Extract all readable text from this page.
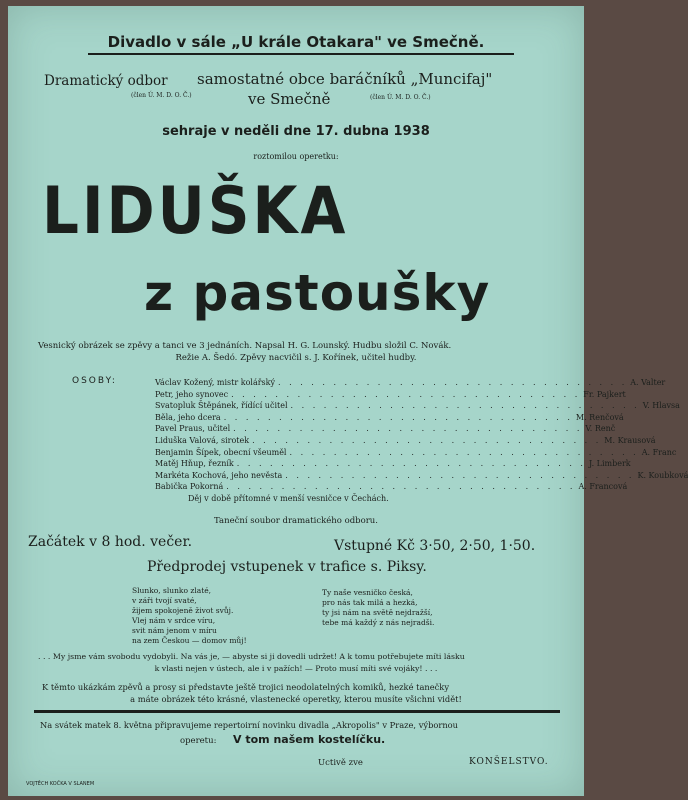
Divadlo v sále „U krále Otakara" ve Smečně.
Dramatický odbor samostatné obce baráčníků „Muncifaj"
(člen Ú. M. D. O. Č.)	ve Smečně	(člen Ú. M. D. O. Č.)
sehraje v neděli dne 17. dubna 1938
roztomilou operetku:
LIDUŠKA
z pastoušky
Vesnický obrázek se zpěvy a tanci ve 3 jednáních. Napsal H. G. Lounský. Hudbu složil C. Novák.
Režie A. Šedó. Zpěvy nacvičil s. J. Kořínek, učitel hudby.
OSOBY:	Václav Kožený, mistr kolářský . . . . . . . . . . . . . . . . . . . . . . . . . . . . . . . . A. Valter
Petr, jeho synovec . . . . . . . . . . . . . . . . . . . . . . . . . . . . . . . . Fr. Pajkert
Svatopluk Štěpánek, řídící učitel . . . . . . . . . . . . . . . . . . . . . . . . . . . . . . . . V. Hlavsa
Běla, jeho dcera . . . . . . . . . . . . . . . . . . . . . . . . . . . . . . . . M. Renčová
Pavel Praus, učitel . . . . . . . . . . . . . . . . . . . . . . . . . . . . . . . . V. Renč
Liduška Valová, sirotek . . . . . . . . . . . . . . . . . . . . . . . . . . . . . . . . M. Krausová
Benjamin Šípek, obecní všeuměl . . . . . . . . . . . . . . . . . . . . . . . . . . . . . . . . A. Franc
Matěj Hňup, řezník . . . . . . . . . . . . . . . . . . . . . . . . . . . . . . . . J. Limberk
Markéta Kochová, jeho nevěsta . . . . . . . . . . . . . . . . . . . . . . . . . . . . . . . . K. Koubková
Babička Pokorná . . . . . . . . . . . . . . . . . . . . . . . . . . . . . . . . A. Francová
Děj v době přítomné v menší vesničce v Čechách.
Taneční soubor dramatického odboru.
Začátek v 8 hod. večer.	Vstupné Kč 3·50, 2·50, 1·50.
Předprodej vstupenek v trafice s. Piksy.
Slunko, slunko zlaté,
v záři tvojí svaté,
žijem spokojeně život svůj.
Vlej nám v srdce víru,
svit nám jenom v míru
na zem Českou — domov můj!
Ty naše vesničko česká,
pro nás tak milá a hezká,
ty jsi nám na světě nejdražší,
tebe má každý z nás nejradši.
. . . My jsme vám svobodu vydobyli. Na vás je, — abyste si ji dovedli udržet! A k tomu potřebujete míti lásku
k vlasti nejen v ústech, ale i v pažích! — Proto musí míti své vojáky! . . .
K těmto ukázkám zpěvů a prosy si představte ještě trojici neodolatelných komiků, hezké tanečky
a máte obrázek této krásné, vlastenecké operetky, kterou musíte všichni vidět!
Na svátek matek 8. května připravujeme repertoirní novinku divadla „Akropolis" v Praze, výbornou
operetu: V tom našem kostelíčku.
Uctivě zve	KONŠELSTVO.
VOJTĚCH KOČKA V SLANEM
